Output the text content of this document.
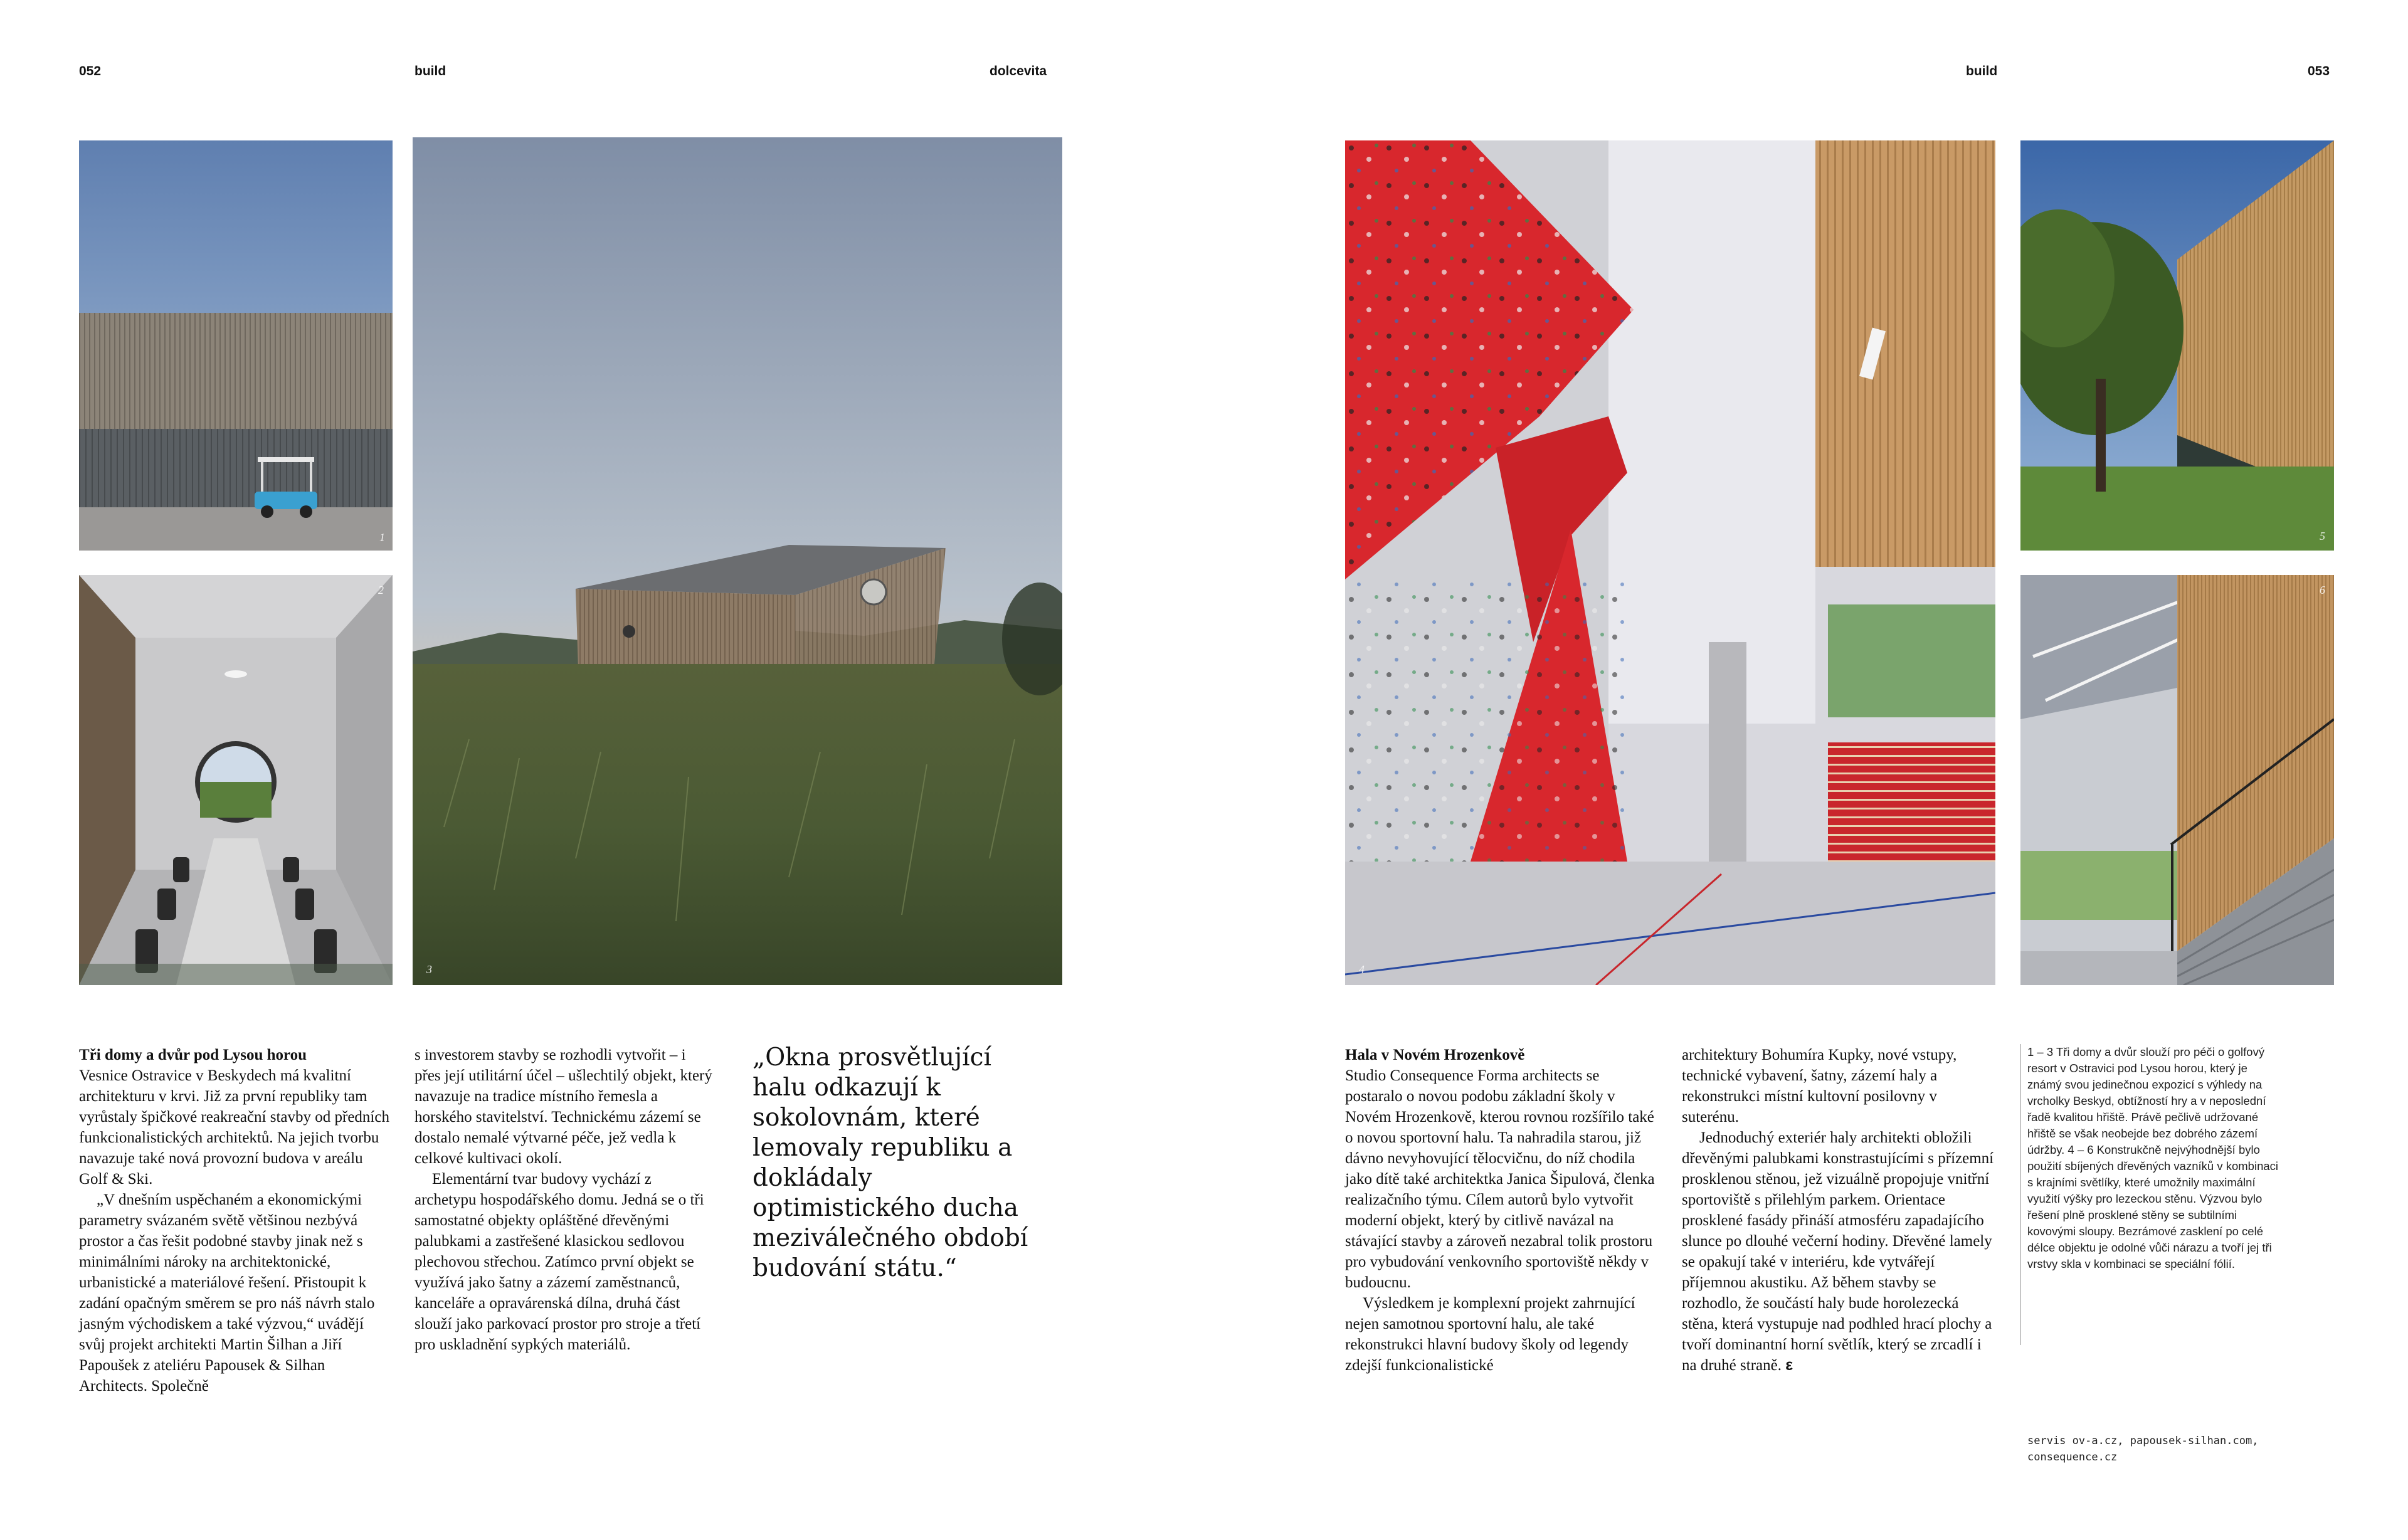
052	build	dolcevita	build	053
1
2
3	4
5
6

Tři domy a dvůr pod Lysou horou

Vesnice Ostravice v Beskydech má kvalitní architekturu v krvi. Již za první republiky tam vyrůstaly špičkové reakreační stavby od předních funkcionalistických architektů. Na jejich tvorbu navazuje také nová provozní budova v areálu Golf & Ski.

„V dnešním uspěchaném a ekonomickými parametry svázaném světě většinou nezbývá prostor a čas řešit podobné stavby jinak než s minimálními nároky na architektonické, urbanistické a materiálové řešení. Přistoupit k zadání opačným směrem se pro náš návrh stalo jasným východiskem a také výzvou,“ uvádějí svůj projekt architekti Martin Šilhan a Jiří Papoušek z ateliéru Papousek & Silhan Architects. Společně

s investorem stavby se rozhodli vytvořit – i přes její utilitární účel – ušlechtilý objekt, který navazuje na tradice místního řemesla a horského stavitelství. Technickému zázemí se dostalo nemalé výtvarné péče, jež vedla k celkové kultivaci okolí.

Elementární tvar budovy vychází z archetypu hospodářského domu. Jedná se o tři samostatné objekty opláštěné dřevěnými palubkami a zastřešené klasickou sedlovou plechovou střechou. Zatímco první objekt se využívá jako šatny a zázemí zaměstnanců, kanceláře a opravárenská dílna, druhá část slouží jako parkovací prostor pro stroje a třetí pro uskladnění sypkých materiálů.

„Okna prosvětlující halu odkazují k sokolovnám, které lemovaly republiku a dokládaly optimistického ducha meziválečného období budování státu.“

Hala v Novém Hrozenkově

Studio Consequence Forma architects se postaralo o novou podobu základní školy v Novém Hrozenkově, kterou rovnou rozšířilo také o novou sportovní halu. Ta nahradila starou, již dávno nevyhovující tělocvičnu, do níž chodila jako dítě také architektka Janica Šipulová, členka realizačního týmu. Cílem autorů bylo vytvořit moderní objekt, který by citlivě navázal na stávající stavby a zároveň nezabral tolik prostoru pro vybudování venkovního sportoviště někdy v budoucnu.

Výsledkem je komplexní projekt zahrnující nejen samotnou sportovní halu, ale také rekonstrukci hlavní budovy školy od legendy zdejší funkcionalistické

architektury Bohumíra Kupky, nové vstupy, technické vybavení, šatny, zázemí haly a rekonstrukci místní kultovní posilovny v suterénu.

Jednoduchý exteriér haly architekti obložili dřevěnými palubkami konstrastujícími s přízemní prosklenou stěnou, jež vizuálně propojuje vnitřní sportoviště s přilehlým parkem. Orientace prosklené fasády přináší atmosféru zapadajícího slunce po dlouhé večerní hodiny. Dřevěné lamely se opakují také v interiéru, kde vytvářejí příjemnou akustiku. Až během stavby se rozhodlo, že součástí haly bude horolezecká stěna, která vystupuje nad podhled hrací plochy a tvoří dominantní horní světlík, který se zrcadlí i na druhé straně. ε

1 – 3 Tři domy a dvůr slouží pro péči o golfový resort v Ostravici pod Lysou horou, který je známý svou jedinečnou expozicí s výhledy na vrcholky Beskyd, obtížností hry a v neposlední řadě kvalitou hřiště. Právě pečlivě udržované hřiště se však neobejde bez dobrého zázemí údržby. 4 – 6 Konstrukčně nejvýhodnější bylo použití sbíjených dřevěných vazníků v kombinaci s krajními světlíky, které umožnily maximální využití výšky pro lezeckou stěnu. Výzvou bylo řešení plně prosklené stěny se subtilními kovovými sloupy. Bezrámové zasklení po celé délce objektu je odolné vůči nárazu a tvoří jej tři vrstvy skla v kombinaci se speciální fólií.
servis ov-a.cz, papousek-silhan.com, consequence.cz
